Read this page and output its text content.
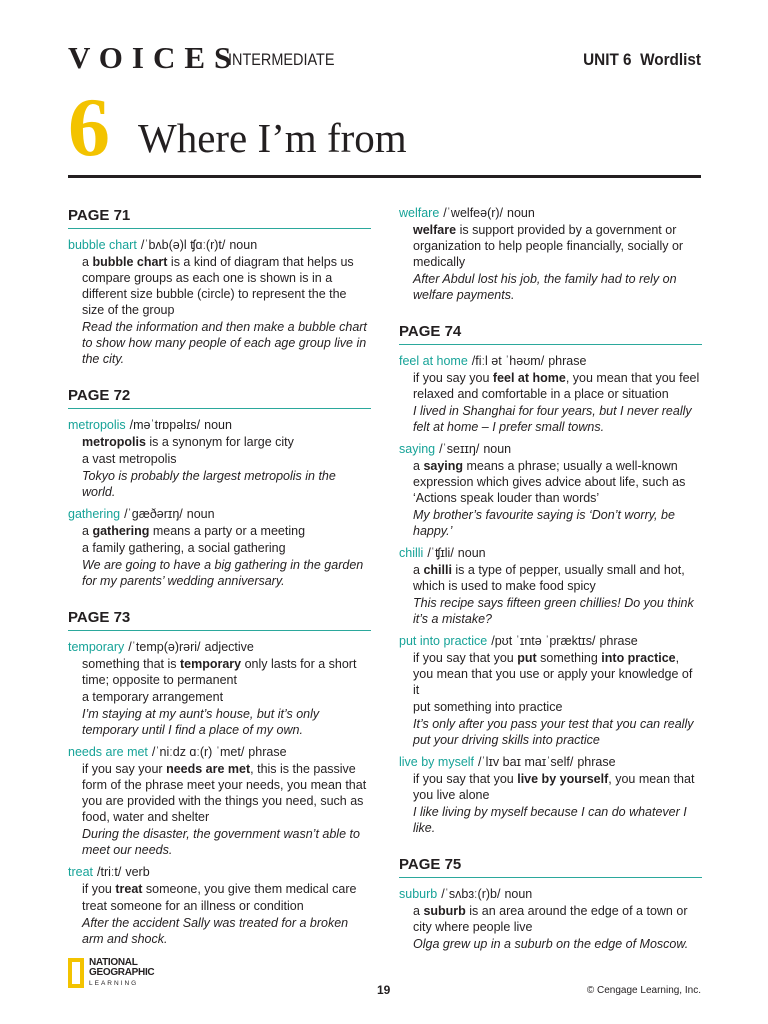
VOICES
INTERMEDIATE	UNIT 6 Wordlist
6 Where I’m from
PAGE 71
bubble chart /ˈbʌb(ə)l ʧɑː(r)t/ noun
a bubble chart is a kind of diagram that helps us compare groups as each one is shown is in a different size bubble (circle) to represent the the size of the group
Read the information and then make a bubble chart to show how many people of each age group live in the city.
PAGE 72
metropolis /məˈtrɒpəlɪs/ noun
metropolis is a synonym for large city
a vast metropolis
Tokyo is probably the largest metropolis in the world.
gathering /ˈɡæðərɪŋ/ noun
a gathering means a party or a meeting
a family gathering, a social gathering
We are going to have a big gathering in the garden for my parents’ wedding anniversary.
PAGE 73
temporary /ˈtemp(ə)rəri/ adjective
something that is temporary only lasts for a short time; opposite to permanent
a temporary arrangement
I’m staying at my aunt’s house, but it’s only temporary until I find a place of my own.
needs are met /ˈniːdz ɑː(r) ˈmet/ phrase
if you say your needs are met, this is the passive form of the phrase meet your needs, you mean that you are provided with the things you need, such as food, water and shelter
During the disaster, the government wasn’t able to meet our needs.
treat /triːt/ verb
if you treat someone, you give them medical care
treat someone for an illness or condition
After the accident Sally was treated for a broken arm and shock.
welfare /ˈwelfeə(r)/ noun
welfare is support provided by a government or organization to help people financially, socially or medically
After Abdul lost his job, the family had to rely on welfare payments.
PAGE 74
feel at home /fiːl ət ˈhəʊm/ phrase
if you say you feel at home, you mean that you feel relaxed and comfortable in a place or situation
I lived in Shanghai for four years, but I never really felt at home – I prefer small towns.
saying /ˈseɪɪŋ/ noun
a saying means a phrase; usually a well-known expression which gives advice about life, such as ‘Actions speak louder than words’
My brother’s favourite saying is ‘Don’t worry, be happy.’
chilli /ˈʧɪli/ noun
a chilli is a type of pepper, usually small and hot, which is used to make food spicy
This recipe says fifteen green chillies! Do you think it’s a mistake?
put into practice /pʊt ˈɪntə ˈpræktɪs/ phrase
if you say that you put something into practice, you mean that you use or apply your knowledge of it
put something into practice
It’s only after you pass your test that you can really put your driving skills into practice
live by myself /ˈlɪv baɪ maɪˈself/ phrase
if you say that you live by yourself, you mean that you live alone
I like living by myself because I can do whatever I like.
PAGE 75
suburb /ˈsʌbɜː(r)b/ noun
a suburb is an area around the edge of a town or city where people live
Olga grew up in a suburb on the edge of Moscow.
NATIONAL
GEOGRAPHIC
LEARNING	19	© Cengage Learning, Inc.
